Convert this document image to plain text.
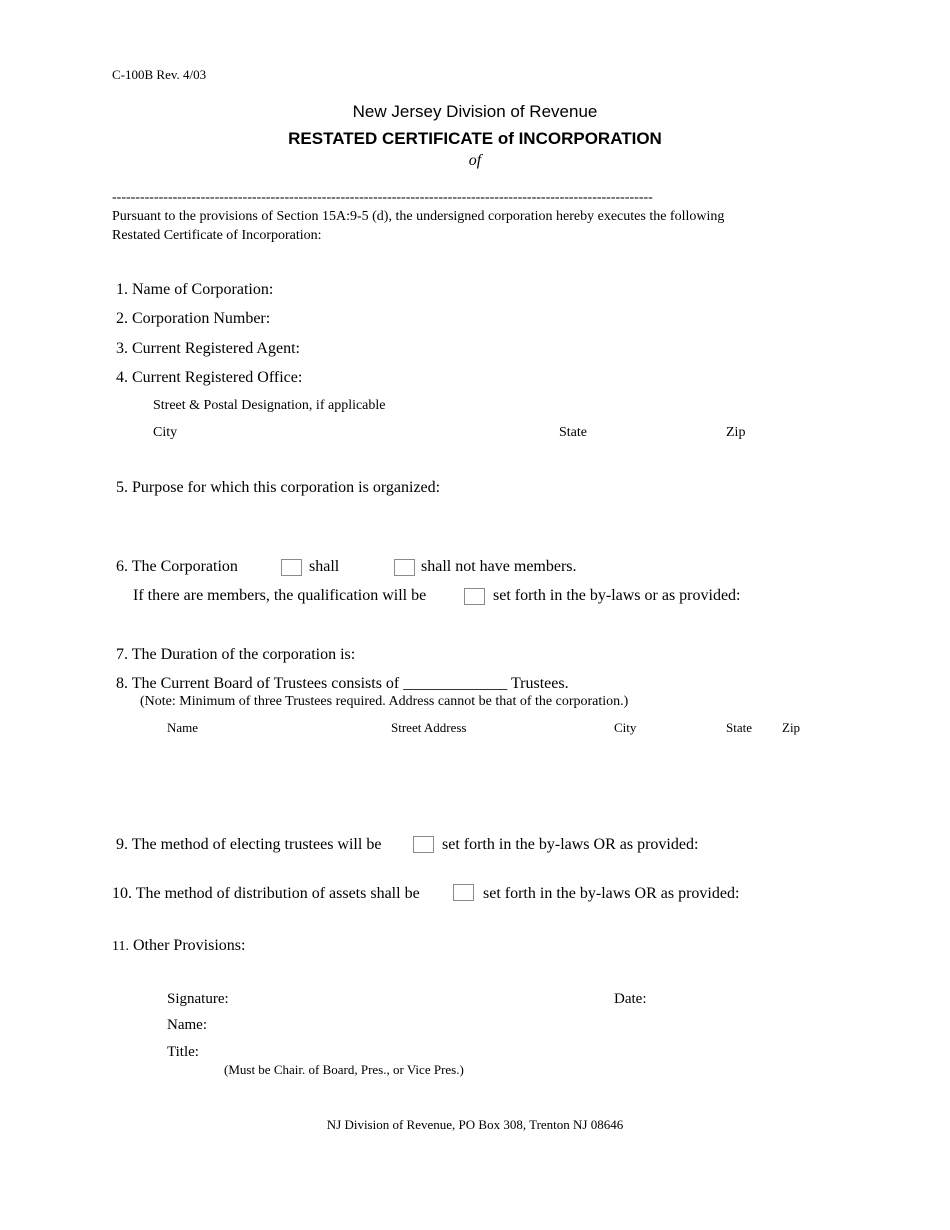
C-100B Rev. 4/03
New Jersey Division of Revenue
RESTATED CERTIFICATE of INCORPORATION
of
--------------------------------------------------------------------------------------------------------------------
Pursuant to the provisions of Section 15A:9-5 (d), the undersigned corporation hereby executes the following
Restated Certificate of Incorporation:
1. Name of Corporation:
2. Corporation Number:
3. Current Registered Agent:
4. Current Registered Office:
Street & Postal Designation, if applicable
City	State	Zip
5. Purpose for which this corporation is organized:
6. The Corporation	shall	shall not have members.
If there are members, the qualification will be	set forth in the by-laws or as provided:
7. The Duration of the corporation is:
8. The Current Board of Trustees consists of _____________ Trustees.
(Note: Minimum of three Trustees required. Address cannot be that of the corporation.)
Name	Street Address	City	State Zip
9. The method of electing trustees will be	set forth in the by-laws OR as provided:
10. The method of distribution of assets shall be	set forth in the by-laws OR as provided:
11. Other Provisions:
Signature:	Date:
Name:
Title:
(Must be Chair. of Board, Pres., or Vice Pres.)
NJ Division of Revenue, PO Box 308, Trenton NJ 08646
